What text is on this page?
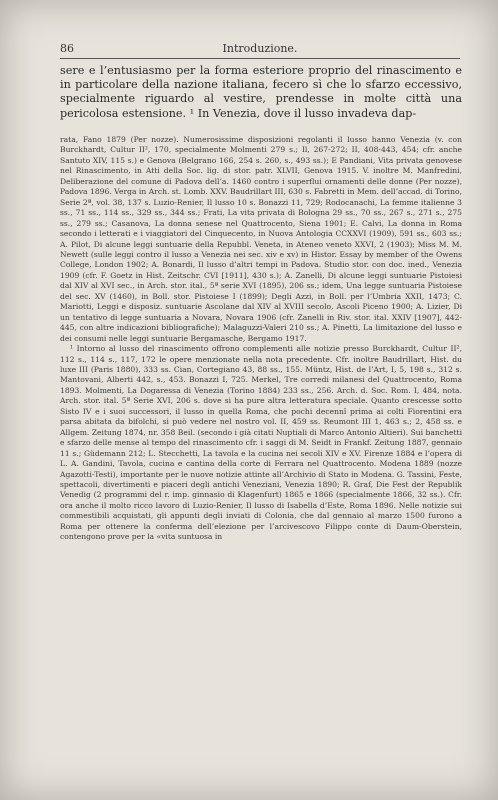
86	Introduzione.

sere e l’entusiasmo per la forma esteriore proprio del rinascimento e in particolare della nazione italiana, fecero sì che lo sfarzo eccessivo, specialmente riguardo al vestire, prendesse in molte città una pericolosa estensione. ¹ In Venezia, dove il lusso invadeva dap-

rata, Fano 1879 (Per nozze). Numerosissime disposizioni regolanti il lusso hanno Venezia (v. con Burckhardt, Cultur II², 170, specialmente Molmenti 279 s.; Il, 267-272; II, 408-443, 454; cfr. anche Santuto XIV, 115 s.) e Genova (Belgrano 166, 254 s. 260, s., 493 ss.); E Pandiani, Vita privata genovese nel Rinascimento, in Atti della Soc. lig. di stor. patr. XLVII, Genova 1915. V. inoltre M. Manfredini, Deliberazione del comune di Padova dell’a. 1460 contro i superflui ornamenti delle donne (Per nozze), Padova 1896. Verga in Arch. st. Lomb. XXV. Baudrillart III, 630 s. Fabretti in Mem. dell’accad. di Torino, Serie 2ª, vol. 38, 137 s. Luzio-Renier, Il lusso 10 s. Bonazzi 11, 729; Rodocanachi, La femme italienne 3 ss., 71 ss., 114 ss., 329 ss., 344 ss.; Frati, La vita privata di Bologna 29 ss., 70 ss., 267 s., 271 s., 275 ss., 279 ss.; Casanova, La donna senese nel Quattrocento, Siena 1901; E. Calvi, La donna in Roma secondo i letterati e i viaggiatori del Cinquecento, in Nuova Antologia CCXXVI (1909), 591 ss., 603 ss.; A. Pilot, Di alcune leggi suntuarie della Repubbl. Veneta, in Ateneo veneto XXVI, 2 (1903); Miss M. M. Newett (sulle leggi contro il lusso a Venezia nei sec. xiv e xv) in Histor. Essay by member of the Owens College, London 1902; A. Bonardi, Il lusso d’altri tempi in Padova. Studio stor. con doc. ined., Venezia 1909 (cfr. F. Goetz in Hist. Zeitschr. CVI [1911], 430 s.); A. Zanelli, Di alcune leggi suntuarie Pistoiesi dal XIV al XVI sec., in Arch. stor. ital., 5ª serie XVI (1895), 206 ss.; idem, Una legge suntuaria Pistoiese del sec. XV (1460), in Boll. stor. Pistoiese I (1899); Degli Azzi, in Boll. per l’Umbria XXII, 1473; C. Mariotti, Leggi e disposiz. suntuarie Ascolane dal XIV al XVIII secolo, Ascoli Piceno 1900; A. Lizier, Di un tentativo di legge suntuaria a Novara, Novara 1906 (cfr. Zanelli in Riv. stor. ital. XXIV [1907], 442-445, con altre indicazioni bibliografiche); Malaguzzi-Valeri 210 ss.; A. Pinetti, La limitazione del lusso e dei consumi nelle leggi suntuarie Bergamasche, Bergamo 1917.

¹ Intorno al lusso del rinascimento offrono complementi alle notizie presso Burckhardt, Cultur II², 112 s., 114 s., 117, 172 le opere menzionate nella nota precedente. Cfr. inoltre Baudrillart, Hist. du luxe III (Paris 1880), 333 ss. Cian, Cortegiano 43, 88 ss., 155. Müntz, Hist. de l’Art, I, 5, 198 s., 312 s. Mantovani, Alberti 442, s., 453. Bonazzi I, 725. Merkel, Tre corredi milanesi del Quattrocento, Roma 1893. Molmenti, La Dogaressa di Venezia (Torino 1884) 233 ss., 256. Arch. d. Soc. Rom. I, 484, nota. Arch. stor. ital. 5ª Serie XVI, 206 s. dove si ha pure altra letteratura speciale. Quanto crescesse sotto Sisto IV e i suoi successori, il lusso in quella Roma, che pochi decennî prima ai colti Fiorentini era parsa abitata da bifolchi, si può vedere nel nostro vol. II, 459 ss. Reumont III 1, 463 s.; 2, 458 ss. e Allgem. Zeitung 1874, nr. 358 Beil. (secondo i già citati Nuptiali di Marco Antonio Altieri). Sui banchetti e sfarzo delle mense al tempo del rinascimento cfr. i saggi di M. Seidt in Frankf. Zeitung 1887, gennaio 11 s.; Güdemann 212; L. Stecchetti, La tavola e la cucina nei secoli XIV e XV. Firenze 1884 e l’opera di L. A. Gandini, Tavola, cucina e cantina della corte di Ferrara nel Quattrocento. Modena 1889 (nozze Agazotti-Testi), importante per le nuove notizie attinte all’Archivio di Stato in Modena. G. Tassini, Feste, spettacoli, divertimenti e piaceri degli antichi Veneziani, Venezia 1890; R. Graf, Die Fest der Republik Venedig (2 programmi del r. imp. ginnasio di Klagenfurt) 1865 e 1866 (specialmente 1866, 32 ss.). Cfr. ora anche il molto ricco lavoro di Luzio-Renier, Il lusso di Isabella d’Este, Roma 1896. Nelle notizie sui commestibili acquistati, gli appunti degli inviati di Colonia, che dal gennaio al marzo 1500 furono a Roma per ottenere la conferma dell’elezione per l’arcivescovo Filippo conte di Daum-Oberstein, contengono prove per la «vita suntuosa in
